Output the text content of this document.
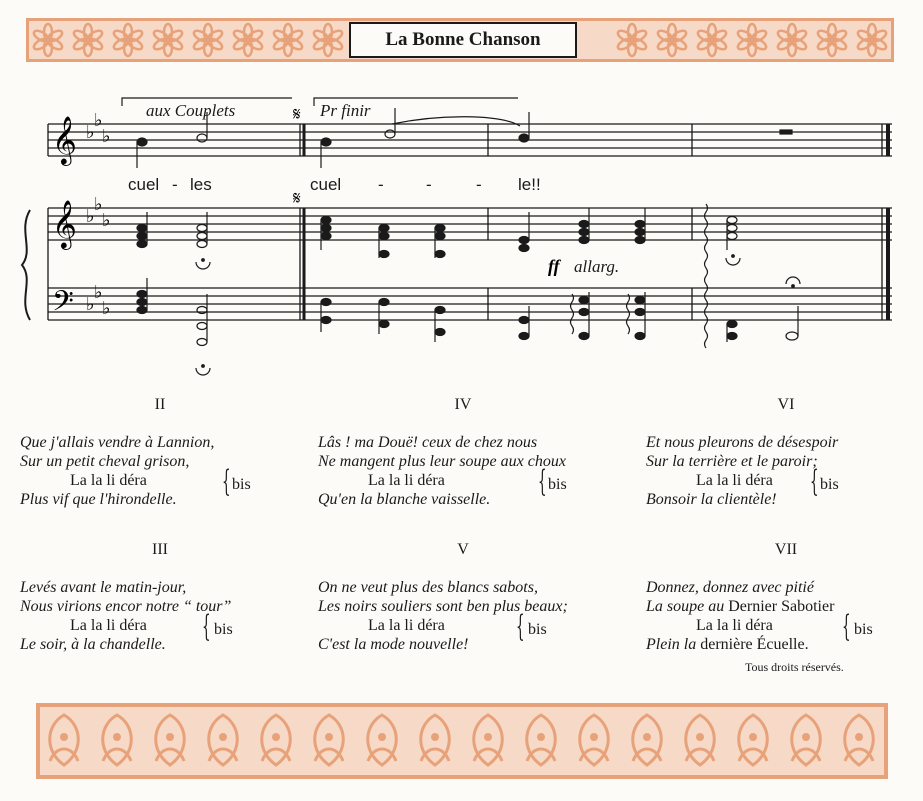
La Bonne Chanson
𝄞
𝄞
𝄢
♭
♭
♭
♭
♭
♭
♭
♭
♭
aux Couplets	Pr finir
𝄋
𝄋
cuel - les	cuel - -	- le!!
ff allarg.
II
Que j'allais vendre à Lannion,
Sur un petit cheval grison,
La la li déra
Plus vif que l'hirondelle.
{ bis
IV
Lâs ! ma Douë! ceux de chez nous
Ne mangent plus leur soupe aux choux
La la li déra
Qu'en la blanche vaisselle.
{ bis
VI
Et nous pleurons de désespoir
Sur la terrière et le paroir;
La la li déra
Bonsoir la clientèle!
{ bis
III
Levés avant le matin-jour,
Nous virions encor notre “ tour”
La la li déra
Le soir, à la chandelle.
{ bis
V
On ne veut plus des blancs sabots,
Les noirs souliers sont ben plus beaux;
La la li déra
C'est la mode nouvelle!
{ bis
VII
Donnez, donnez avec pitié
La soupe au Dernier Sabotier
La la li déra
Plein la dernière Écuelle.
{ bis
Tous droits réservés.
